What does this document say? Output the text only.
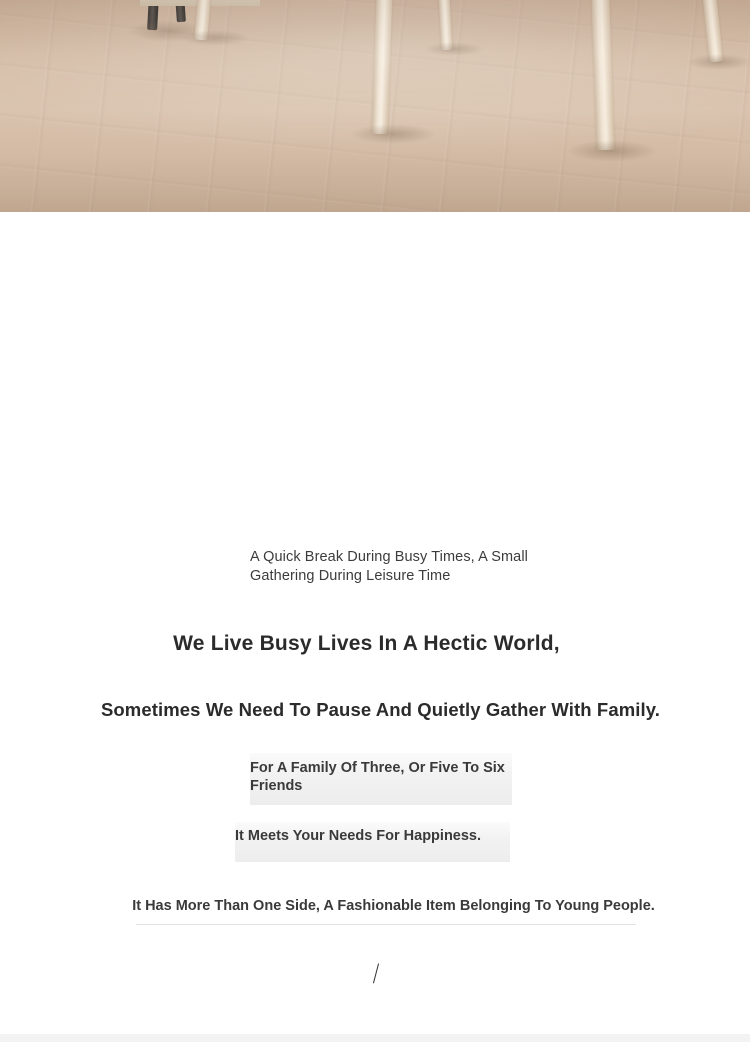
A Quick Break During Busy Times, A Small Gathering During Leisure Time
We Live Busy Lives In A Hectic World,
Sometimes We Need To Pause And Quietly Gather With Family.
For A Family Of Three, Or Five To Six Friends
It Meets Your Needs For Happiness.
It Has More Than One Side, A Fashionable Item Belonging To Young People.
/
